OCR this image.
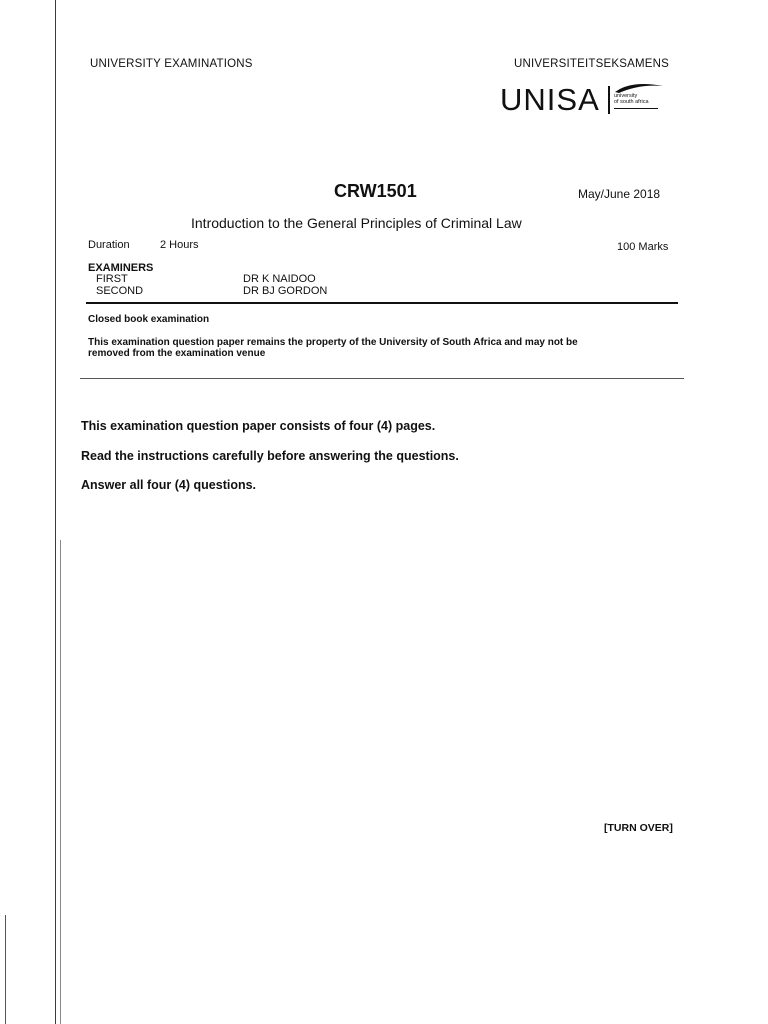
UNIVERSITY EXAMINATIONS	UNIVERSITEITSEKSAMENS
UNISA	university
of south africa
CRW1501	May/June 2018
Introduction to the General Principles of Criminal Law
Duration	2 Hours	100 Marks
EXAMINERS
FIRST	DR K NAIDOO
SECOND	DR BJ GORDON
Closed book examination
This examination question paper remains the property of the University of South Africa and may not be
removed from the examination venue
This examination question paper consists of four (4) pages.
Read the instructions carefully before answering the questions.
Answer all four (4) questions.
[TURN OVER]
